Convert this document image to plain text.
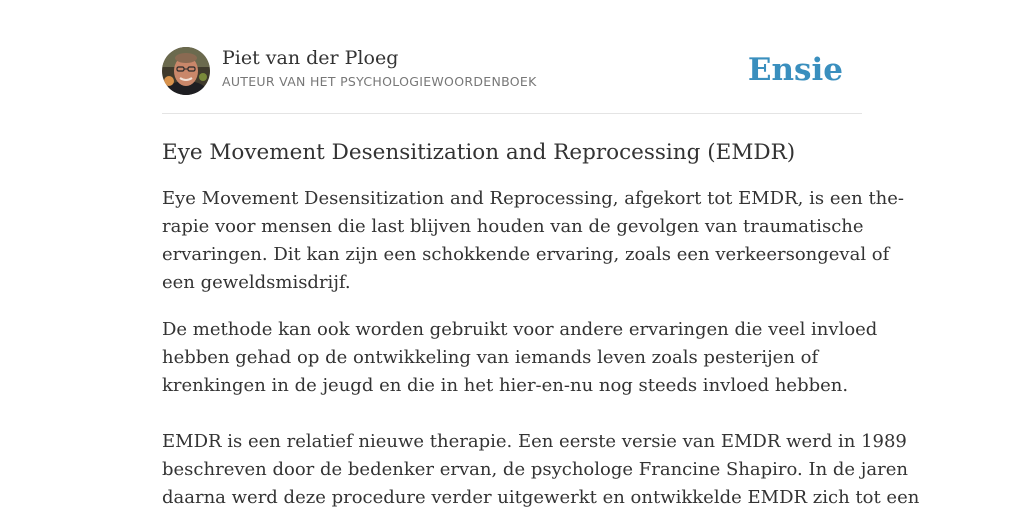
Piet van der Ploeg
AUTEUR VAN HET PSYCHOLOGIEWOORDENBOEK	Ensie
Eye Movement Desensitization and Reprocessing (EMDR)

Eye Movement Desensitization and Reprocessing, afgekort tot EMDR, is een the-
rapie voor mensen die last blijven houden van de gevolgen van traumatische
ervaringen. Dit kan zijn een schokkende ervaring, zoals een verkeersongeval of
een geweldsmisdrijf.

De methode kan ook worden gebruikt voor andere ervaringen die veel invloed
hebben gehad op de ontwikkeling van iemands leven zoals pesterijen of
krenkingen in de jeugd en die in het hier-en-nu nog steeds invloed hebben.

EMDR is een relatief nieuwe therapie. Een eerste versie van EMDR werd in 1989
beschreven door de bedenker ervan, de psychologe Francine Shapiro. In de jaren
daarna werd deze procedure verder uitgewerkt en ontwikkelde EMDR zich tot een
